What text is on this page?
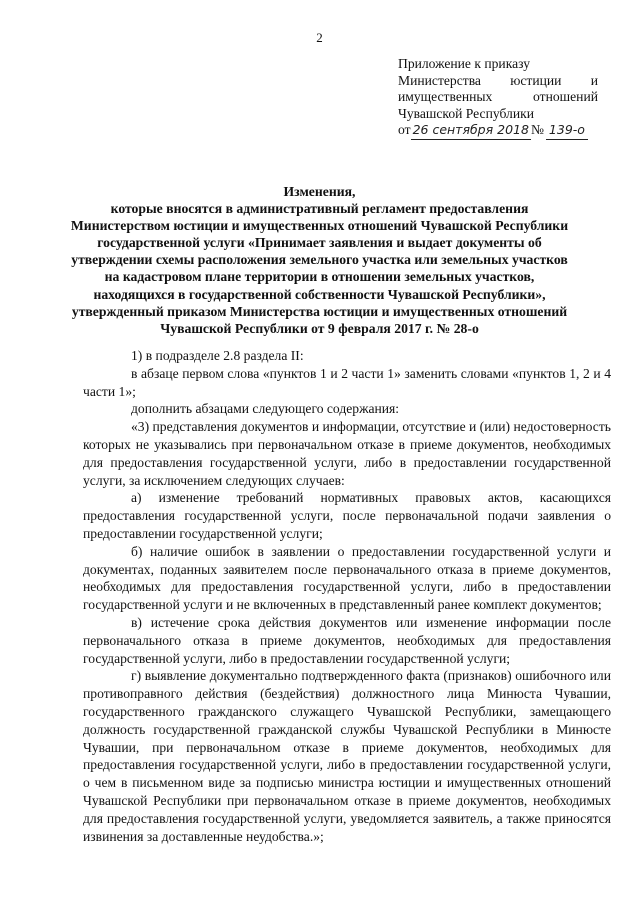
2
Приложение к приказу
Министерства юстиции и
имущественных отношений
Чувашской Республики
от 26 сентября 2018 № 139-о
Изменения,
которые вносятся в административный регламент предоставления
Министерством юстиции и имущественных отношений Чувашской Республики
государственной услуги «Принимает заявления и выдает документы об
утверждении схемы расположения земельного участка или земельных участков
на кадастровом плане территории в отношении земельных участков,
находящихся в государственной собственности Чувашской Республики»,
утвержденный приказом Министерства юстиции и имущественных отношений
Чувашской Республики от 9 февраля 2017 г. № 28-о

1) в подразделе 2.8 раздела II:

в абзаце первом слова «пунктов 1 и 2 части 1» заменить словами «пунктов 1, 2 и 4 части 1»;

дополнить абзацами следующего содержания:

«3) представления документов и информации, отсутствие и (или) недостоверность которых не указывались при первоначальном отказе в приеме документов, необходимых для предоставления государственной услуги, либо в предоставлении государственной услуги, за исключением следующих случаев:

а) изменение требований нормативных правовых актов, касающихся предоставления государственной услуги, после первоначальной подачи заявления о предоставлении государственной услуги;

б) наличие ошибок в заявлении о предоставлении государственной услуги и документах, поданных заявителем после первоначального отказа в приеме документов, необходимых для предоставления государственной услуги, либо в предоставлении государственной услуги и не включенных в представленный ранее комплект документов;

в) истечение срока действия документов или изменение информации после первоначального отказа в приеме документов, необходимых для предоставления государственной услуги, либо в предоставлении государственной услуги;

г) выявление документально подтвержденного факта (признаков) ошибочного или противоправного действия (бездействия) должностного лица Минюста Чувашии, государственного гражданского служащего Чувашской Республики, замещающего должность государственной гражданской службы Чувашской Республики в Минюсте Чувашии, при первоначальном отказе в приеме документов, необходимых для предоставления государственной услуги, либо в предоставлении государственной услуги, о чем в письменном виде за подписью министра юстиции и имущественных отношений Чувашской Республики при первоначальном отказе в приеме документов, необходимых для предоставления государственной услуги, уведомляется заявитель, а также приносятся извинения за доставленные неудобства.»;
